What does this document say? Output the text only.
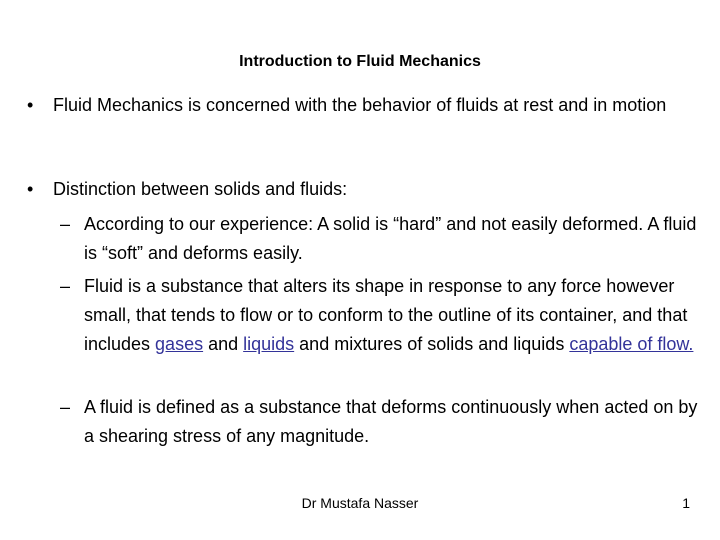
Introduction to Fluid Mechanics
• Fluid Mechanics is concerned with the behavior of fluids at rest and in motion
• Distinction between solids and fluids:
– According to our experience: A solid is “hard” and not easily deformed. A fluid is “soft” and deforms easily.
– Fluid is a substance that alters its shape in response to any force however small, that tends to flow or to conform to the outline of its container, and that includes gases and liquids and mixtures of solids and liquids capable of flow.
– A fluid is defined as a substance that deforms continuously when acted on by a shearing stress of any magnitude.
Dr Mustafa Nasser	1
